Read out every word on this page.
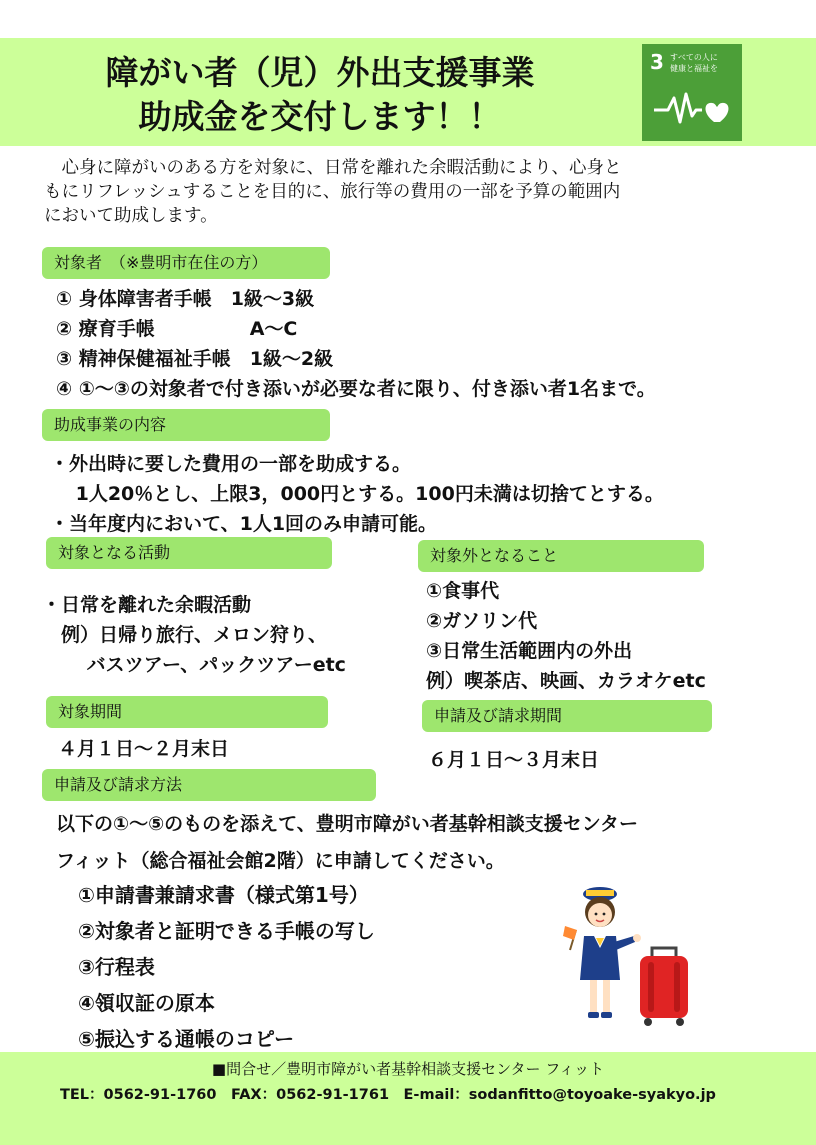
障がい者（児）外出支援事業
助成金を交付します！！
3 すべての人に
健康と福祉を
　心身に障がいのある方を対象に、日常を離れた余暇活動により、心身と
もにリフレッシュすることを目的に、旅行等の費用の一部を予算の範囲内
において助成します。
対象者　（※豊明市在住の方）
① 身体障害者手帳　1級～3級
② 療育手帳　　　　　A～C
③ 精神保健福祉手帳　1級～2級
④ ①～③の対象者で付き添いが必要な者に限り、付き添い者1名まで。
助成事業の内容
・外出時に要した費用の一部を助成する。
　 1人20％とし、上限3，000円とする。100円未満は切捨てとする。
・当年度内において、1人1回のみ申請可能。
対象となる活動
・日常を離れた余暇活動
　例）日帰り旅行、メロン狩り、
　　 バスツアー、パックツアーetc
対象外となること
①食事代
②ガソリン代
③日常生活範囲内の外出
例）喫茶店、映画、カラオケetc
対象期間
４月１日～２月末日
申請及び請求期間
６月１日～３月末日
申請及び請求方法
以下の①～⑤のものを添えて、豊明市障がい者基幹相談支援センター
フィット（総合福祉会館2階）に申請してください。
①申請書兼請求書（様式第1号）
②対象者と証明できる手帳の写し
③行程表
④領収証の原本
⑤振込する通帳のコピー
■問合せ／豊明市障がい者基幹相談支援センター フィット
TEL：0562-91-1760　FAX：0562-91-1761　E-mail：sodanfitto@toyoake-syakyo.jp
